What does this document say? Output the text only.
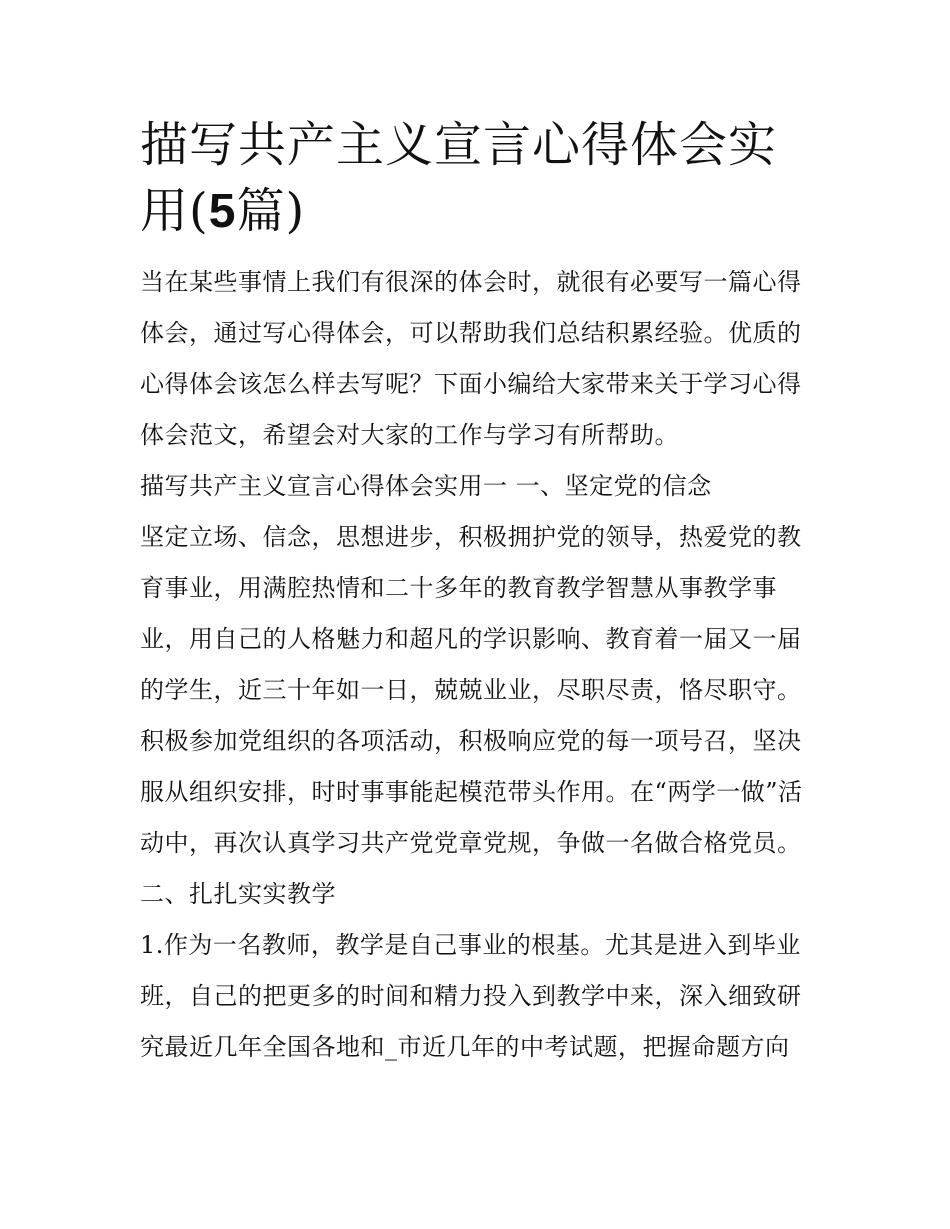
描写共产主义宣言心得体会实用(5篇)

当在某些事情上我们有很深的体会时，就很有必要写一篇心得体会，通过写心得体会，可以帮助我们总结积累经验。优质的心得体会该怎么样去写呢？下面小编给大家带来关于学习心得体会范文，希望会对大家的工作与学习有所帮助。

描写共产主义宣言心得体会实用一 一、坚定党的信念

坚定立场、信念，思想进步，积极拥护党的领导，热爱党的教育事业，用满腔热情和二十多年的教育教学智慧从事教学事业，用自己的人格魅力和超凡的学识影响、教育着一届又一届的学生，近三十年如一日，兢兢业业，尽职尽责，恪尽职守。积极参加党组织的各项活动，积极响应党的每一项号召，坚决服从组织安排，时时事事能起模范带头作用。在“两学一做”活动中，再次认真学习共产党党章党规，争做一名做合格党员。

二、扎扎实实教学

1.作为一名教师，教学是自己事业的根基。尤其是进入到毕业班，自己的把更多的时间和精力投入到教学中来，深入细致研究最近几年全国各地和_市近几年的中考试题，把握命题方向
